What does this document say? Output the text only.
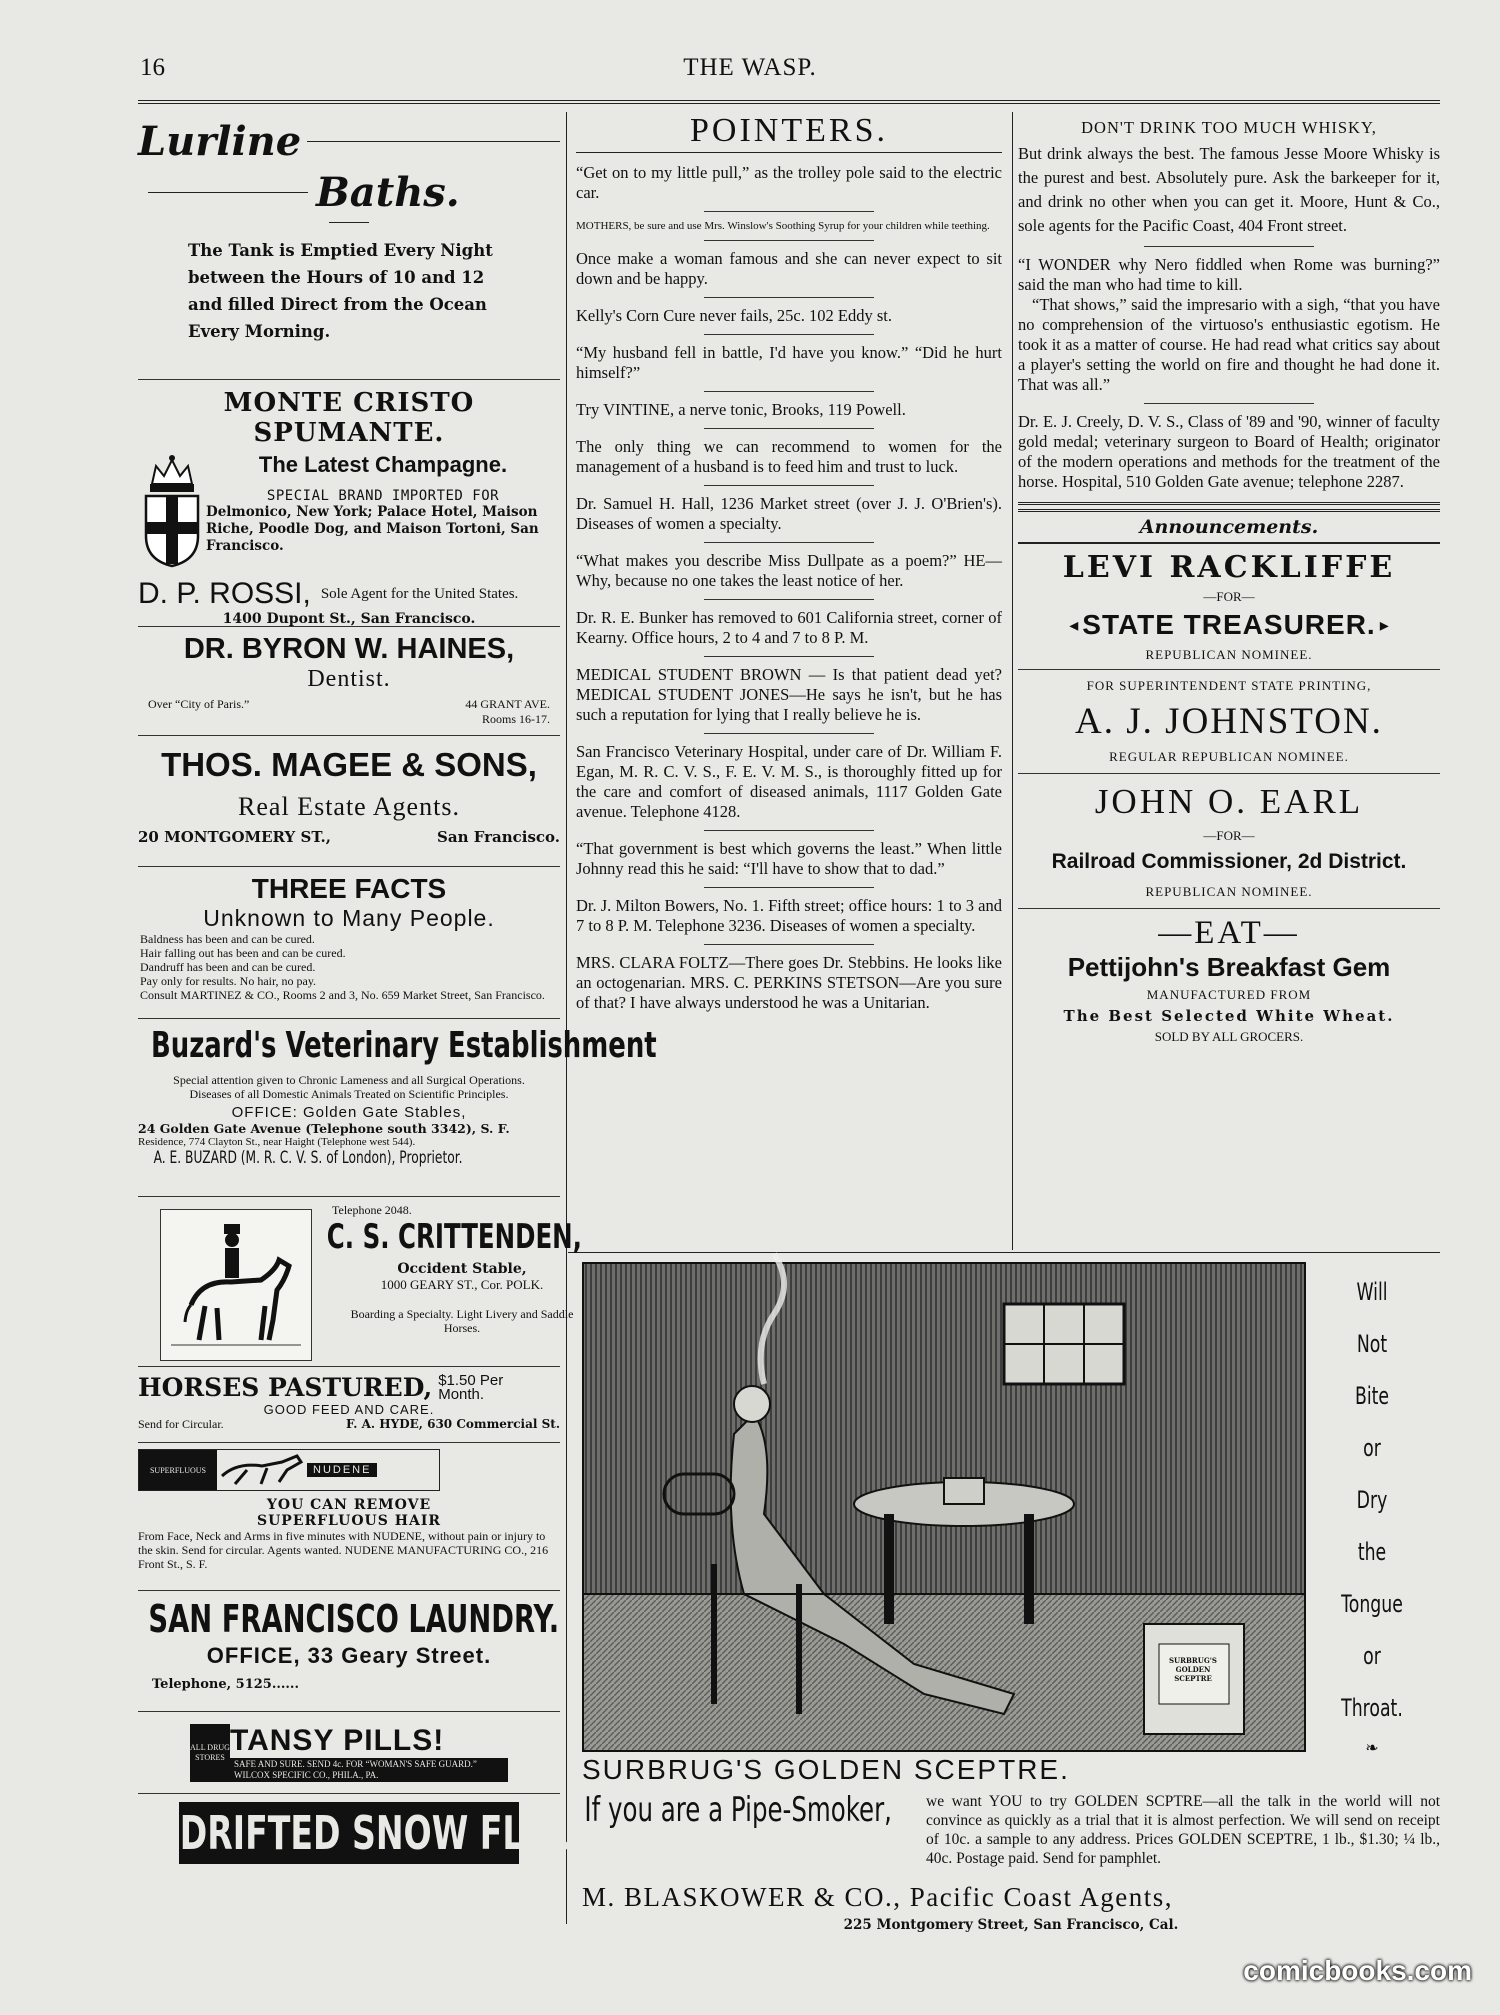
16	THE WASP.
Lurline
Baths.
The Tank is Emptied Every Night between the Hours of 10 and 12 and filled Direct from the Ocean Every Morning.
MONTE CRISTO SPUMANTE.
The Latest Champagne.
SPECIAL BRAND IMPORTED FOR
Delmonico, New York; Palace Hotel, Maison Riche, Poodle Dog, and Maison Tortoni, San Francisco.
D. P. ROSSI, Sole Agent for the United States.
1400 Dupont St., San Francisco.
DR. BYRON W. HAINES,
Dentist.
Over “City of Paris.”	44 GRANT AVE. Rooms 16-17.
THOS. MAGEE & SONS,
Real Estate Agents.
20 MONTGOMERY ST.,	San Francisco.
THREE FACTS
Unknown to Many People.
Baldness has been and can be cured.
Hair falling out has been and can be cured.
Dandruff has been and can be cured.
Pay only for results. No hair, no pay.
Consult MARTINEZ & CO., Rooms 2 and 3, No. 659 Market Street, San Francisco.
Buzard's Veterinary Establishment
Special attention given to Chronic Lameness and all Surgical Operations. Diseases of all Domestic Animals Treated on Scientific Principles.
OFFICE: Golden Gate Stables,
24 Golden Gate Avenue (Telephone south 3342), S. F.
Residence, 774 Clayton St., near Haight (Telephone west 544).
A. E. BUZARD (M. R. C. V. S. of London), Proprietor.
Telephone 2048.
C. S. CRITTENDEN,
Occident Stable,
1000 GEARY ST., Cor. POLK.
Boarding a Specialty. Light Livery and Saddle Horses.
HORSES PASTURED, $1.50 Per Month.
GOOD FEED AND CARE.
Send for Circular.	F. A. HYDE, 630 Commercial St.
SUPERFLUOUS	NUDENE
YOU CAN REMOVE
SUPERFLUOUS HAIR
From Face, Neck and Arms in five minutes with NUDENE, without pain or injury to the skin. Send for circular. Agents wanted. NUDENE MANUFACTURING CO., 216 Front St., S. F.
SAN FRANCISCO LAUNDRY.
OFFICE, 33 Geary Street.
Telephone, 5125......
ALL DRUG STORES
TANSY PILLS!
SAFE AND SURE. SEND 4c. FOR “WOMAN'S SAFE GUARD.” WILCOX SPECIFIC CO., PHILA., PA.
DRIFTED SNOW FLOUR
POINTERS.

“Get on to my little pull,” as the trolley pole said to the electric car.

MOTHERS, be sure and use Mrs. Winslow's Soothing Syrup for your children while teething.

Once make a woman famous and she can never expect to sit down and be happy.

Kelly's Corn Cure never fails, 25c. 102 Eddy st.

“My husband fell in battle, I'd have you know.” “Did he hurt himself?”

Try VINTINE, a nerve tonic, Brooks, 119 Powell.

The only thing we can recommend to women for the management of a husband is to feed him and trust to luck.

Dr. Samuel H. Hall, 1236 Market street (over J. J. O'Brien's). Diseases of women a specialty.

“What makes you describe Miss Dullpate as a poem?” HE—Why, because no one takes the least notice of her.

Dr. R. E. Bunker has removed to 601 California street, corner of Kearny. Office hours, 2 to 4 and 7 to 8 P. M.

MEDICAL STUDENT BROWN — Is that patient dead yet? MEDICAL STUDENT JONES—He says he isn't, but he has such a reputation for lying that I really believe he is.

San Francisco Veterinary Hospital, under care of Dr. William F. Egan, M. R. C. V. S., F. E. V. M. S., is thoroughly fitted up for the care and comfort of diseased animals, 1117 Golden Gate avenue. Telephone 4128.

“That government is best which governs the least.” When little Johnny read this he said: “I'll have to show that to dad.”

Dr. J. Milton Bowers, No. 1. Fifth street; office hours: 1 to 3 and 7 to 8 P. M. Telephone 3236. Diseases of women a specialty.

MRS. CLARA FOLTZ—There goes Dr. Stebbins. He looks like an octogenarian. MRS. C. PERKINS STETSON—Are you sure of that? I have always understood he was a Unitarian.

DON'T DRINK TOO MUCH WHISKY,

But drink always the best. The famous Jesse Moore Whisky is the purest and best. Absolutely pure. Ask the barkeeper for it, and drink no other when you can get it. Moore, Hunt & Co., sole agents for the Pacific Coast, 404 Front street.

“I WONDER why Nero fiddled when Rome was burning?” said the man who had time to kill.

“That shows,” said the impresario with a sigh, “that you have no comprehension of the virtuoso's enthusiastic egotism. He took it as a matter of course. He had read what critics say about a player's setting the world on fire and thought he had done it. That was all.”

Dr. E. J. Creely, D. V. S., Class of '89 and '90, winner of faculty gold medal; veterinary surgeon to Board of Health; originator of the modern operations and methods for the treatment of the horse. Hospital, 510 Golden Gate avenue; telephone 2287.

Announcements.
LEVI RACKLIFFE
—FOR—
◂ STATE TREASURER. ▸
REPUBLICAN NOMINEE.
FOR SUPERINTENDENT STATE PRINTING,
A. J. JOHNSTON.
REGULAR REPUBLICAN NOMINEE.
JOHN O. EARL
—FOR—
Railroad Commissioner, 2d District.
REPUBLICAN NOMINEE.
—EAT—
Pettijohn's Breakfast Gem
MANUFACTURED FROM
The Best Selected White Wheat.
SOLD BY ALL GROCERS.
SURBRUG'S GOLDEN SCEPTRE
Will
Not
Bite
or
Dry
the
Tongue
or
Throat.
❧
SURBRUG'S GOLDEN SCEPTRE.
If you are a Pipe-Smoker,	we want YOU to try GOLDEN SCPTRE—all the talk in the world will not convince as quickly as a trial that it is almost perfection. We will send on receipt of 10c. a sample to any address. Prices GOLDEN SCEPTRE, 1 lb., $1.30; ¼ lb., 40c. Postage paid. Send for pamphlet.

M. BLASKOWER & CO., Pacific Coast Agents,
225 Montgomery Street, San Francisco, Cal.
comicbooks.com
